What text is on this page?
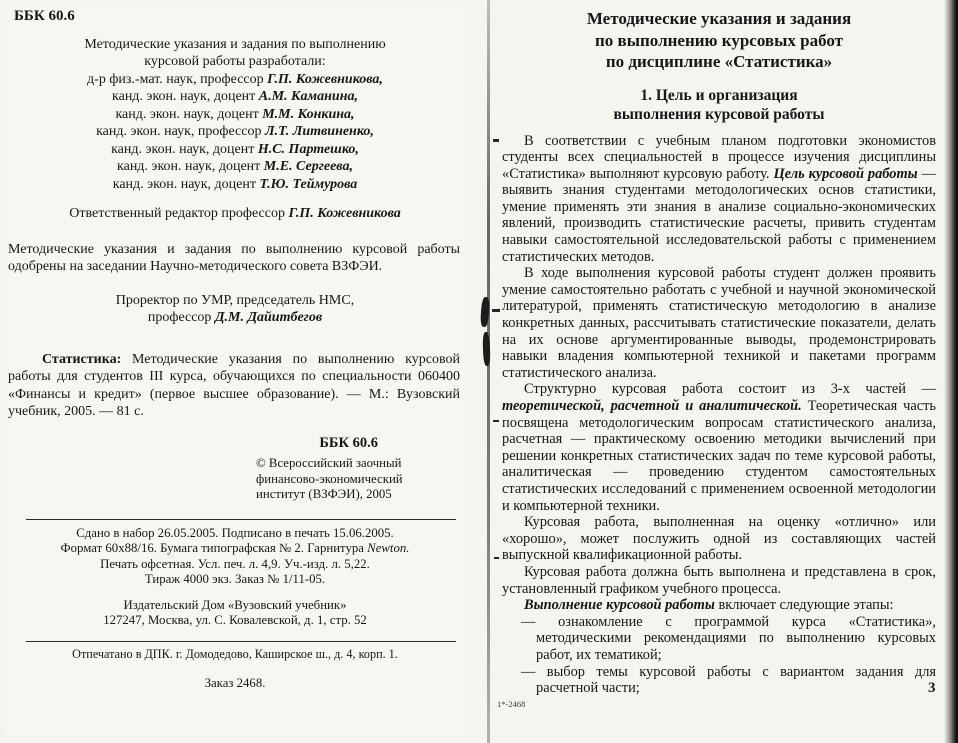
ББК 60.6
Методические указания и задания по выполнению
курсовой работы разработали:
д-р физ.-мат. наук, профессор Г.П. Кожевникова,
канд. экон. наук, доцент А.М. Каманина,
канд. экон. наук, доцент М.М. Конкина,
канд. экон. наук, профессор Л.Т. Литвиненко,
канд. экон. наук, доцент Н.С. Партешко,
канд. экон. наук, доцент М.Е. Сергеева,
канд. экон. наук, доцент Т.Ю. Теймурова
Ответственный редактор профессор Г.П. Кожевникова

Методические указания и задания по выполнению курсовой работы одобрены на заседании Научно-методического совета ВЗФЭИ.

Проректор по УМР, председатель НМС,
профессор Д.М. Дайитбегов

Статистика: Методические указания по выполнению курсовой работы для студентов III курса, обучающихся по специальности 060400 «Финансы и кредит» (первое высшее образование). — М.: Вузовский учебник, 2005. — 81 с.

ББК 60.6
© Всероссийский заочный
финансово-экономический
институт (ВЗФЭИ), 2005
Сдано в набор 26.05.2005. Подписано в печать 15.06.2005.
Формат 60x88/16. Бумага типографская № 2. Гарнитура Newton.
Печать офсетная. Усл. печ. л. 4,9. Уч.-изд. л. 5,22.
Тираж 4000 экз. Заказ № 1/11-05.
Издательский Дом «Вузовский учебник»
127247, Москва, ул. С. Ковалевской, д. 1, стр. 52
Отпечатано в ДПК. г. Домодедово, Каширское ш., д. 4, корп. 1.
Заказ 2468.
Методические указания и задания
по выполнению курсовых работ
по дисциплине «Статистика»
1. Цель и организация
выполнения курсовой работы

В соответствии с учебным планом подготовки экономистов студенты всех специальностей в процессе изучения дисциплины «Статистика» выполняют курсовую работу. Цель курсовой работы — выявить знания студентами методологических основ статистики, умение применять эти знания в анализе социально-экономических явлений, производить статистические расчеты, привить студентам навыки самостоятельной исследовательской работы с применением статистических методов.

В ходе выполнения курсовой работы студент должен проявить умение самостоятельно работать с учебной и научной экономической литературой, применять статистическую методологию в анализе конкретных данных, рассчитывать статистические показатели, делать на их основе аргументированные выводы, продемонстрировать навыки владения компьютерной техникой и пакетами программ статистического анализа.

Структурно курсовая работа состоит из 3-х частей — теоретической, расчетной и аналитической. Теоретическая часть посвящена методологическим вопросам статистического анализа, расчетная — практическому освоению методики вычислений при решении конкретных статистических задач по теме курсовой работы, аналитическая — проведению студентом самостоятельных статистических исследований с применением освоенной методологии и компьютерной техники.

Курсовая работа, выполненная на оценку «отлично» или «хорошо», может послужить одной из составляющих частей выпускной квалификационной работы.

Курсовая работа должна быть выполнена и представлена в срок, установленный графиком учебного процесса.

Выполнение курсовой работы включает следующие этапы:

— ознакомление с программой курса «Статистика», методическими рекомендациями по выполнению курсовых работ, их тематикой;
— выбор темы курсовой работы с вариантом задания для расчетной части;	3
1*-2468
